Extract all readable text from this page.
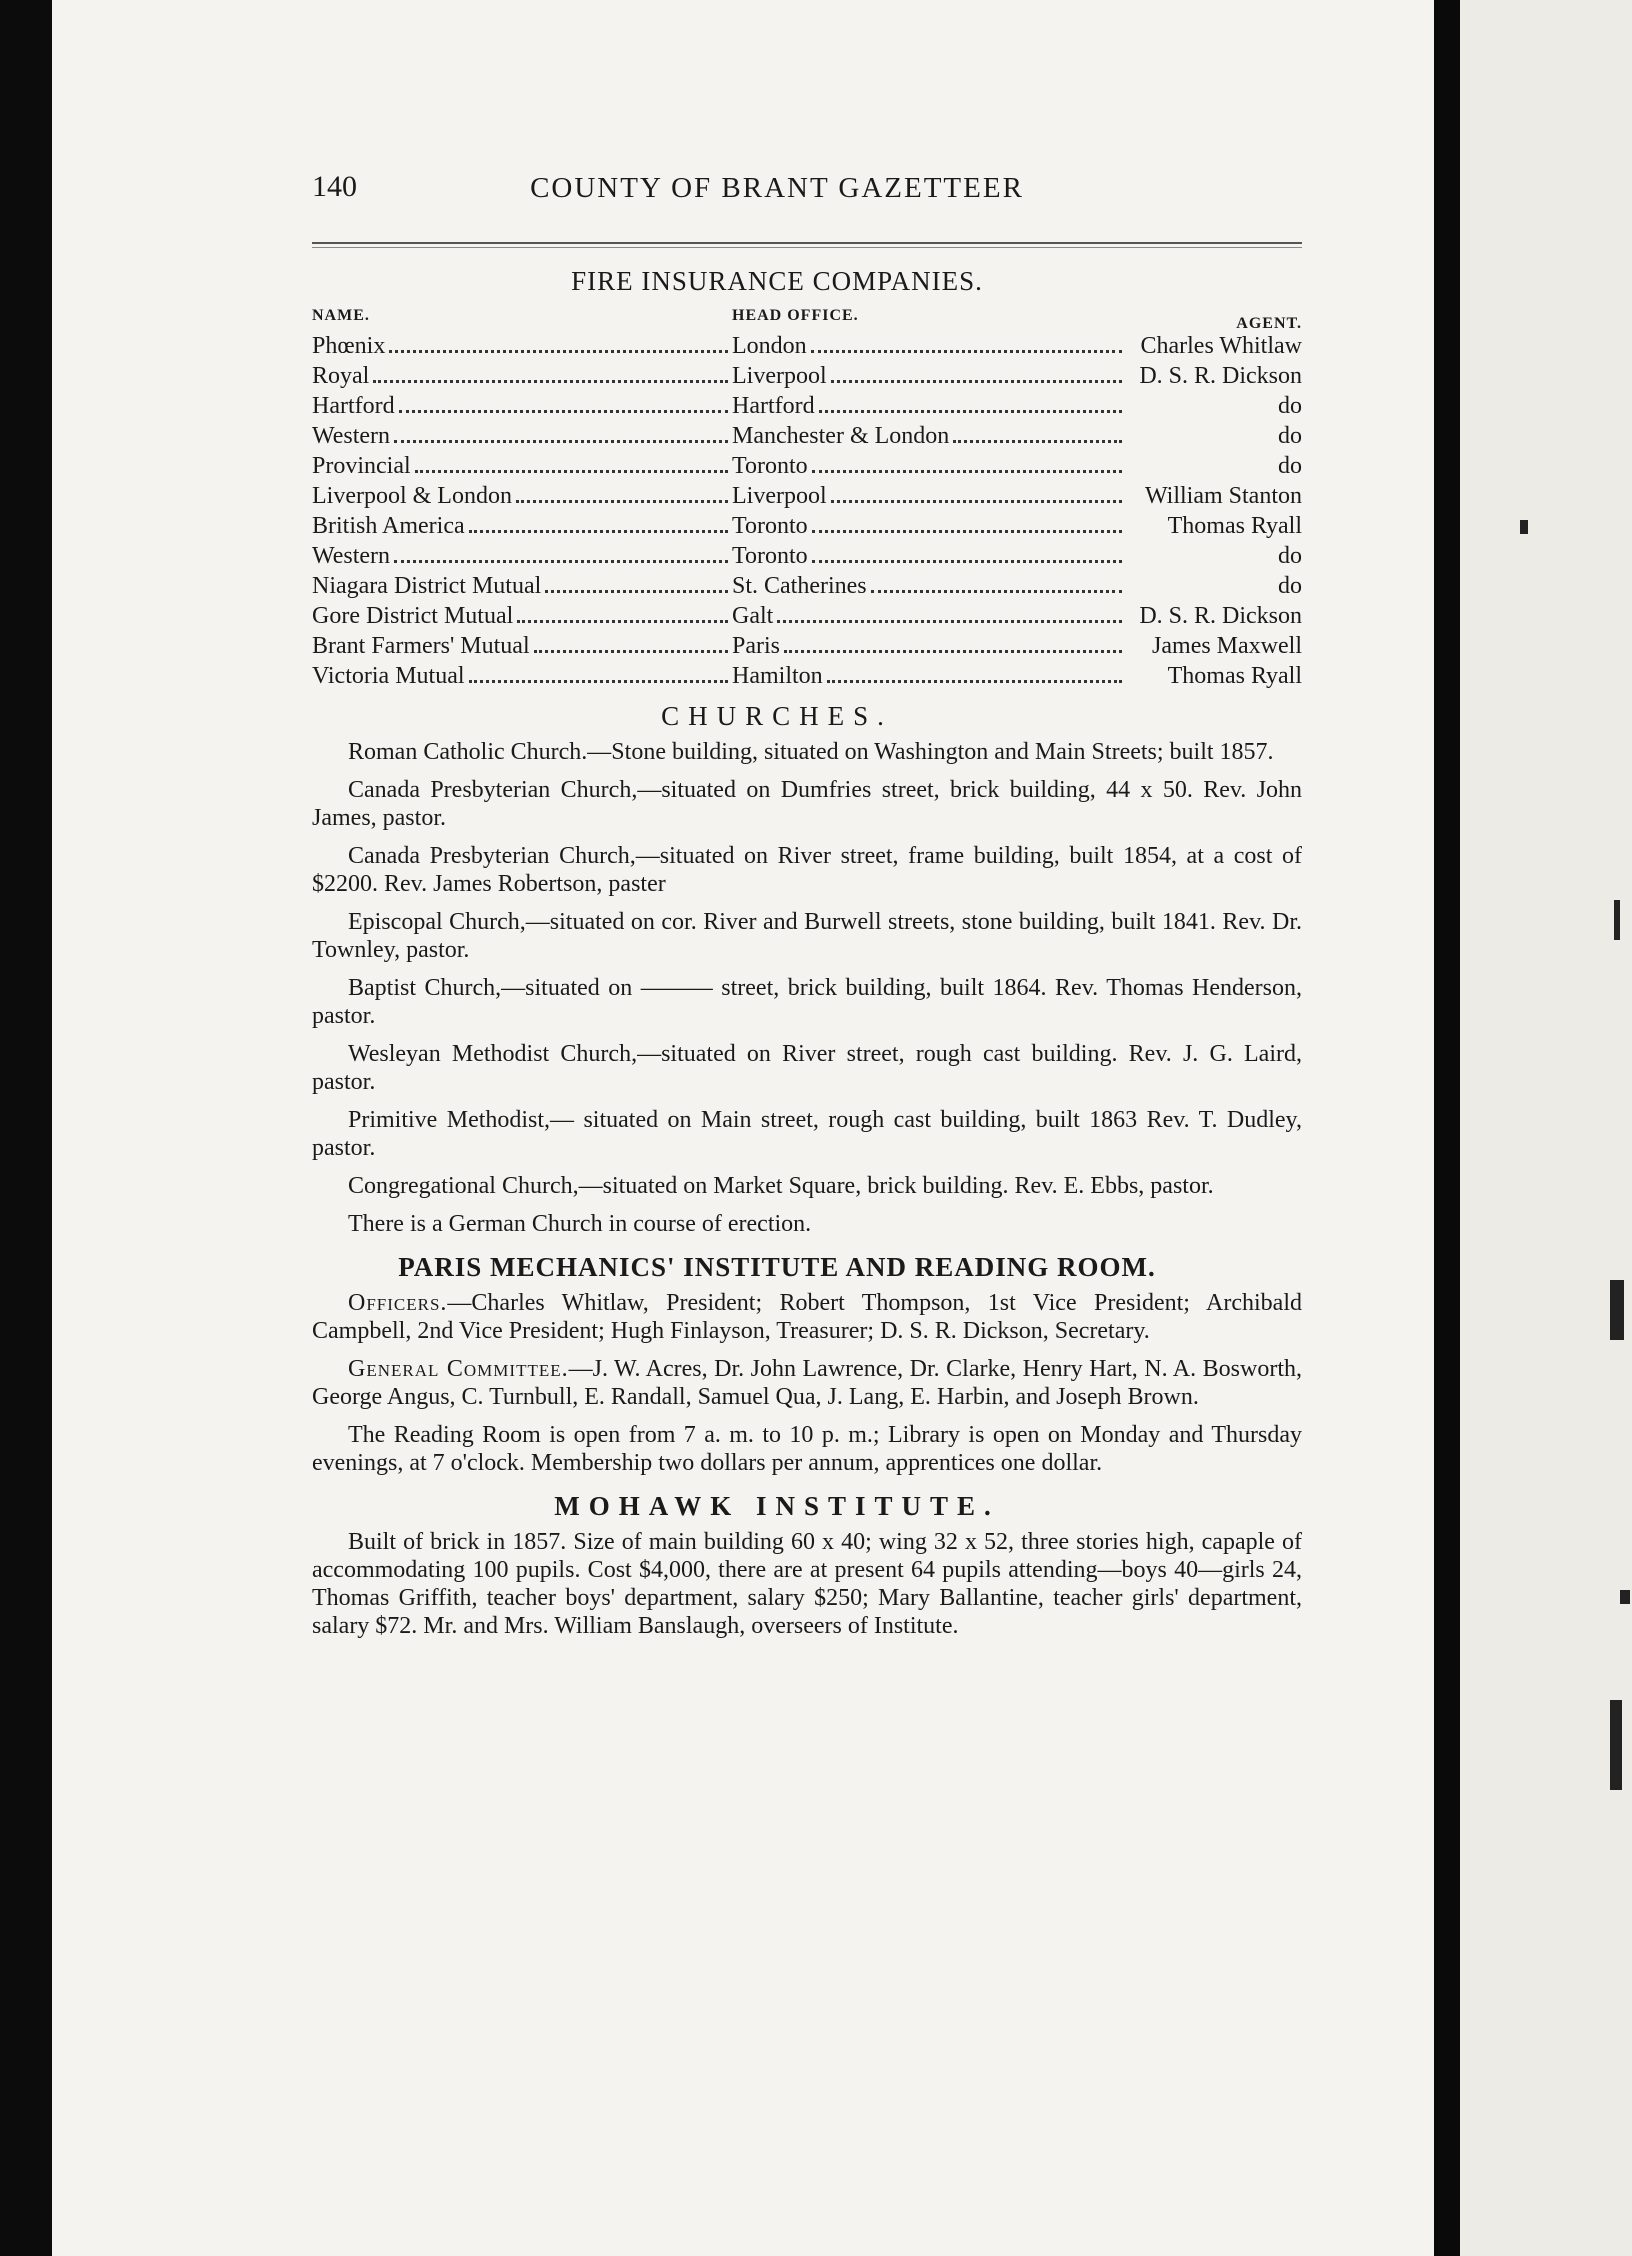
140	COUNTY OF BRANT GAZETTEER
FIRE INSURANCE COMPANIES.
NAME.	HEAD OFFICE.	AGENT.
Phœnix	London	Charles Whitlaw
Royal	Liverpool	D. S. R. Dickson
Hartford	Hartford	do
Western	Manchester & London	do
Provincial	Toronto	do
Liverpool & London	Liverpool	William Stanton
British America	Toronto	Thomas Ryall
Western	Toronto	do
Niagara District Mutual	St. Catherines	do
Gore District Mutual	Galt	D. S. R. Dickson
Brant Farmers' Mutual	Paris	James Maxwell
Victoria Mutual	Hamilton	Thomas Ryall
CHURCHES.

Roman Catholic Church.—Stone building, situated on Washington and Main Streets; built 1857.

Canada Presbyterian Church,—situated on Dumfries street, brick building, 44 x 50. Rev. John James, pastor.

Canada Presbyterian Church,—situated on River street, frame building, built 1854, at a cost of $2200. Rev. James Robertson, paster

Episcopal Church,—situated on cor. River and Burwell streets, stone building, built 1841. Rev. Dr. Townley, pastor.

Baptist Church,—situated on ——— street, brick building, built 1864. Rev. Thomas Henderson, pastor.

Wesleyan Methodist Church,—situated on River street, rough cast building. Rev. J. G. Laird, pastor.

Primitive Methodist,— situated on Main street, rough cast building, built 1863 Rev. T. Dudley, pastor.

Congregational Church,—situated on Market Square, brick building. Rev. E. Ebbs, pastor.

There is a German Church in course of erection.

PARIS MECHANICS' INSTITUTE AND READING ROOM.

Officers.—Charles Whitlaw, President; Robert Thompson, 1st Vice President; Archibald Campbell, 2nd Vice President; Hugh Finlayson, Treasurer; D. S. R. Dickson, Secretary.

General Committee.—J. W. Acres, Dr. John Lawrence, Dr. Clarke, Henry Hart, N. A. Bosworth, George Angus, C. Turnbull, E. Randall, Samuel Qua, J. Lang, E. Harbin, and Joseph Brown.

The Reading Room is open from 7 a. m. to 10 p. m.; Library is open on Monday and Thursday evenings, at 7 o'clock. Membership two dollars per annum, apprentices one dollar.

MOHAWK INSTITUTE.

Built of brick in 1857. Size of main building 60 x 40; wing 32 x 52, three stories high, capaple of accommodating 100 pupils. Cost $4,000, there are at present 64 pupils attending—boys 40—girls 24, Thomas Griffith, teacher boys' department, salary $250; Mary Ballantine, teacher girls' department, salary $72. Mr. and Mrs. William Banslaugh, overseers of Institute.
